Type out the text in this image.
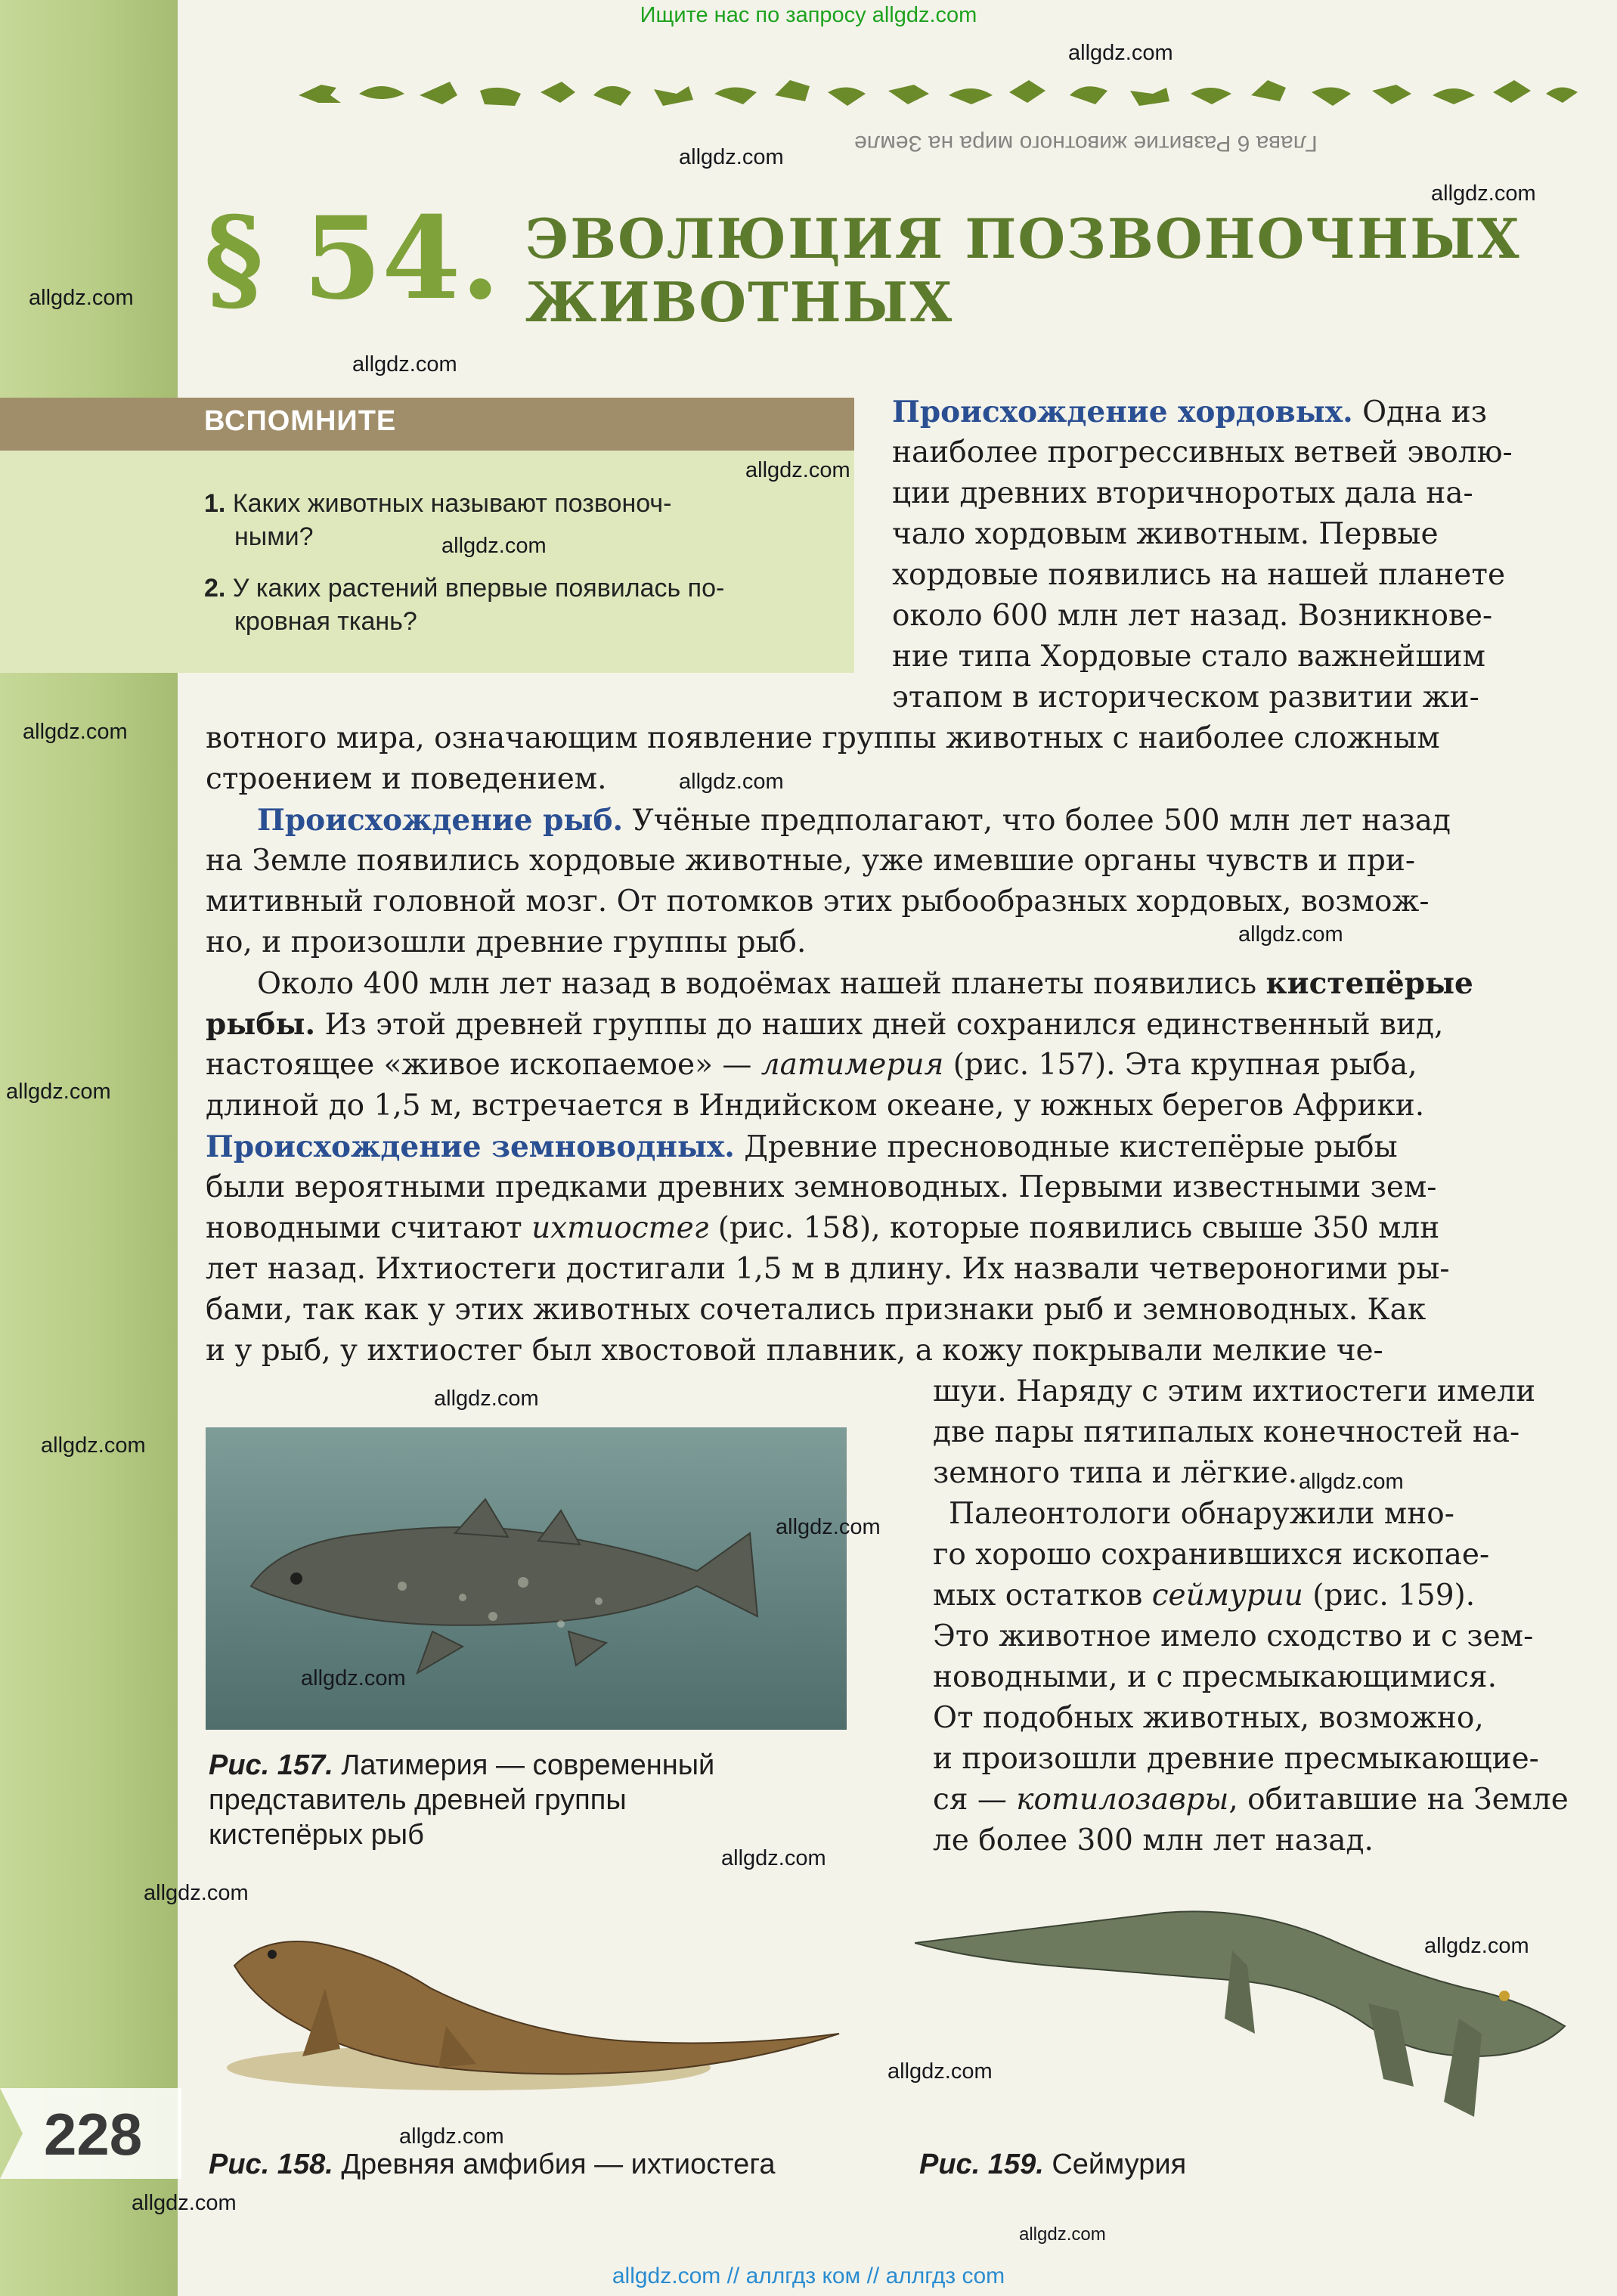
Ищите нас по запросу allgdz.com
Глава 6 Развитие животного мира на Земле
§ 54. ЭВОЛЮЦИЯ ПОЗВОНОЧНЫХ
ЖИВОТНЫХ
ВСПОМНИТЕ
1. Каких животных называют позвоноч-
ными?
2. У каких растений впервые появилась по-
кровная ткань?
Происхождение хордовых. Одна из
наиболее прогрессивных ветвей эволю-
ции древних вторичноротых дала на-
чало хордовым животным. Первые
хордовые появились на нашей планете
около 600 млн лет назад. Возникнове-
ние типа Хордовые стало важнейшим
этапом в историческом развитии жи-
вотного мира, означающим появление группы животных с наиболее сложным
строением и поведением.
Происхождение рыб. Учёные предполагают, что более 500 млн лет назад
на Земле появились хордовые животные, уже имевшие органы чувств и при-
митивный головной мозг. От потомков этих рыбообразных хордовых, возмож-
но, и произошли древние группы рыб.
Около 400 млн лет назад в водоёмах нашей планеты появились кистепёрые
рыбы. Из этой древней группы до наших дней сохранился единственный вид,
настоящее «живое ископаемое» — латимерия (рис. 157). Эта крупная рыба,
длиной до 1,5 м, встречается в Индийском океане, у южных берегов Африки.
Происхождение земноводных. Древние пресноводные кистепёрые рыбы
были вероятными предками древних земноводных. Первыми известными зем-
новодными считают ихтиостег (рис. 158), которые появились свыше 350 млн
лет назад. Ихтиостеги достигали 1,5 м в длину. Их назвали четвероногими ры-
бами, так как у этих животных сочетались признаки рыб и земноводных. Как
и у рыб, у ихтиостег был хвостовой плавник, а кожу покрывали мелкие че-
шуи. Наряду с этим ихтиостеги имели
две пары пятипалых конечностей на-
земного типа и лёгкие.
Палеонтологи обнаружили мно-
го хорошо сохранившихся ископае-
мых остатков сеймурии (рис. 159).
Это животное имело сходство и с зем-
новодными, и с пресмыкающимися.
От подобных животных, возможно,
и произошли древние пресмыкающие-
ся — котилозавры, обитавшие на Земле
ле более 300 млн лет назад.
Рис. 157. Латимерия — современный
представитель древней группы
кистепёрых рыб
Рис. 158. Древняя амфибия — ихтиостега	Рис. 159. Сеймурия
228
allgdz.com
allgdz.com
allgdz.com
allgdz.com
allgdz.com
allgdz.com
allgdz.com
allgdz.com
allgdz.com
allgdz.com
allgdz.com
allgdz.com
allgdz.com
allgdz.com
allgdz.com
allgdz.com
allgdz.com
allgdz.com
allgdz.com
allgdz.com
allgdz.com
allgdz.com
allgdz.com
allgdz.com // аллгдз ком // аллгдз com
